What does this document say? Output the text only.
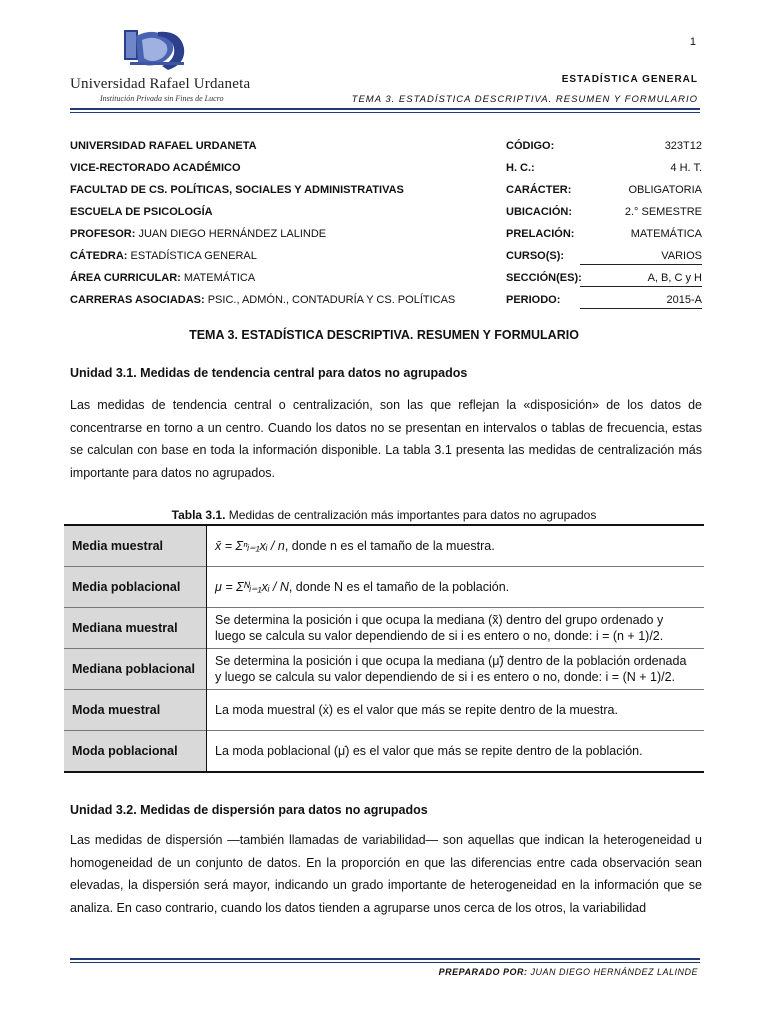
1
Universidad Rafael Urdaneta
Institución Privada sin Fines de Lucro
ESTADÍSTICA GENERAL
TEMA 3. ESTADÍSTICA DESCRIPTIVA. RESUMEN Y FORMULARIO
UNIVERSIDAD RAFAEL URDANETA
VICE-RECTORADO ACADÉMICO
FACULTAD DE CS. POLÍTICAS, SOCIALES Y ADMINISTRATIVAS
ESCUELA DE PSICOLOGÍA
PROFESOR: JUAN DIEGO HERNÁNDEZ LALINDE
CÁTEDRA: ESTADÍSTICA GENERAL
ÁREA CURRICULAR: MATEMÁTICA
CARRERAS ASOCIADAS: PSIC., ADMÓN., CONTADURÍA Y CS. POLÍTICAS
CÓDIGO:	323T12
H. C.:	4 H. T.
CARÁCTER:	OBLIGATORIA
UBICACIÓN:	2.° SEMESTRE
PRELACIÓN:	MATEMÁTICA
CURSO(S):	VARIOS
SECCIÓN(ES):	A, B, C y H
PERIODO:	2015-A
TEMA 3. ESTADÍSTICA DESCRIPTIVA. RESUMEN Y FORMULARIO
Unidad 3.1. Medidas de tendencia central para datos no agrupados
Las medidas de tendencia central o centralización, son las que reflejan la «disposición» de los datos de concentrarse en torno a un centro. Cuando los datos no se presentan en intervalos o tablas de frecuencia, estas se calculan con base en toda la información disponible. La tabla 3.1 presenta las medidas de centralización más importante para datos no agrupados.
Tabla 3.1. Medidas de centralización más importantes para datos no agrupados
Media muestral	x̄ = Σⁿᵢ₌₁xᵢ / n, donde n es el tamaño de la muestra.
Media poblacional	μ = Σᴺᵢ₌₁xᵢ / N, donde N es el tamaño de la población.
Mediana muestral	Se determina la posición i que ocupa la mediana (x̃) dentro del grupo ordenado y luego se calcula su valor dependiendo de si i es entero o no, donde: i = (n + 1)/2.
Mediana poblacional	Se determina la posición i que ocupa la mediana (μ̃) dentro de la población ordenada y luego se calcula su valor dependiendo de si i es entero o no, donde: i = (N + 1)/2.
Moda muestral	La moda muestral (ẋ) es el valor que más se repite dentro de la muestra.
Moda poblacional	La moda poblacional (μ̇) es el valor que más se repite dentro de la población.
Unidad 3.2. Medidas de dispersión para datos no agrupados
Las medidas de dispersión —también llamadas de variabilidad— son aquellas que indican la heterogeneidad u homogeneidad de un conjunto de datos. En la proporción en que las diferencias entre cada observación sean elevadas, la dispersión será mayor, indicando un grado importante de heterogeneidad en la información que se analiza. En caso contrario, cuando los datos tienden a agruparse unos cerca de los otros, la variabilidad
PREPARADO POR: JUAN DIEGO HERNÁNDEZ LALINDE
